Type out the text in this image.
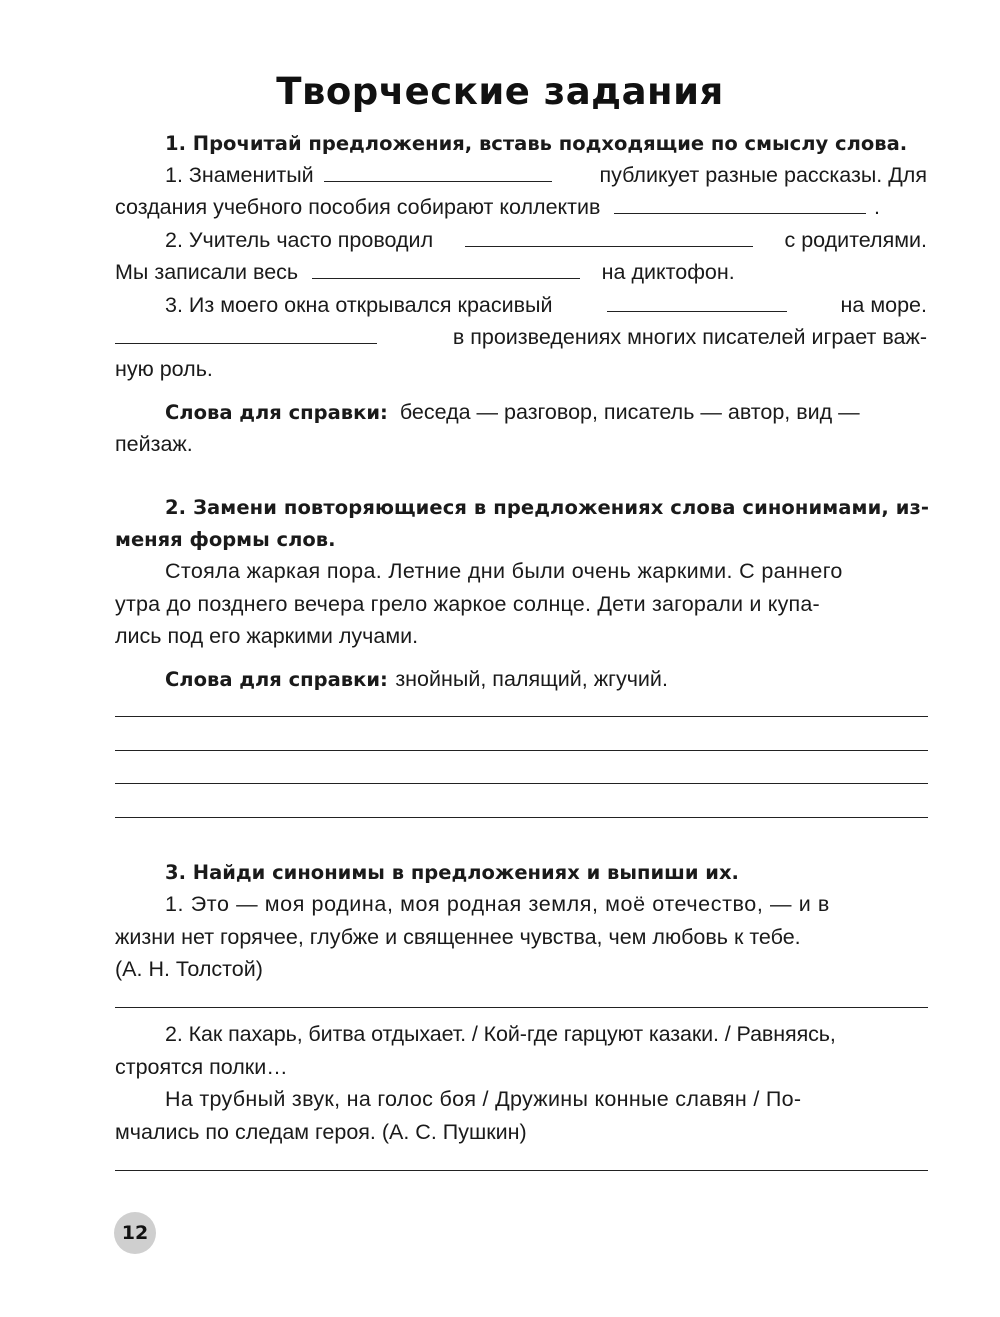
Творческие задания
1. Прочитай предложения, вставь подходящие по смыслу слова.
1. Знаменитый	публикует разные рассказы. Для
создания учебного пособия собирают коллектив	.
2. Учитель часто проводил	с родителями.
Мы записали весь	на диктофон.
3. Из моего окна открывался красивый	на море.
в произведениях многих писателей играет важ-
ную роль.
Слова для справки: беседа — разговор, писатель — автор, вид —
пейзаж.
2. Замени повторяющиеся в предложениях слова синонимами, из-
меняя формы слов.
Стояла жаркая пора. Летние дни были очень жаркими. С раннего
утра до позднего вечера грело жаркое солнце. Дети загорали и купа-
лись под его жаркими лучами.
Слова для справки: знойный, палящий, жгучий.
3. Найди синонимы в предложениях и выпиши их.
1. Это — моя родина, моя родная земля, моё отечество, — и в
жизни нет горячее, глубже и священнее чувства, чем любовь к тебе.
(А. Н. Толстой)
2. Как пахарь, битва отдыхает. / Кой-где гарцуют казаки. / Равняясь,
строятся полки…
На трубный звук, на голос боя / Дружины конные славян / По-
мчались по следам героя. (А. С. Пушкин)
12
